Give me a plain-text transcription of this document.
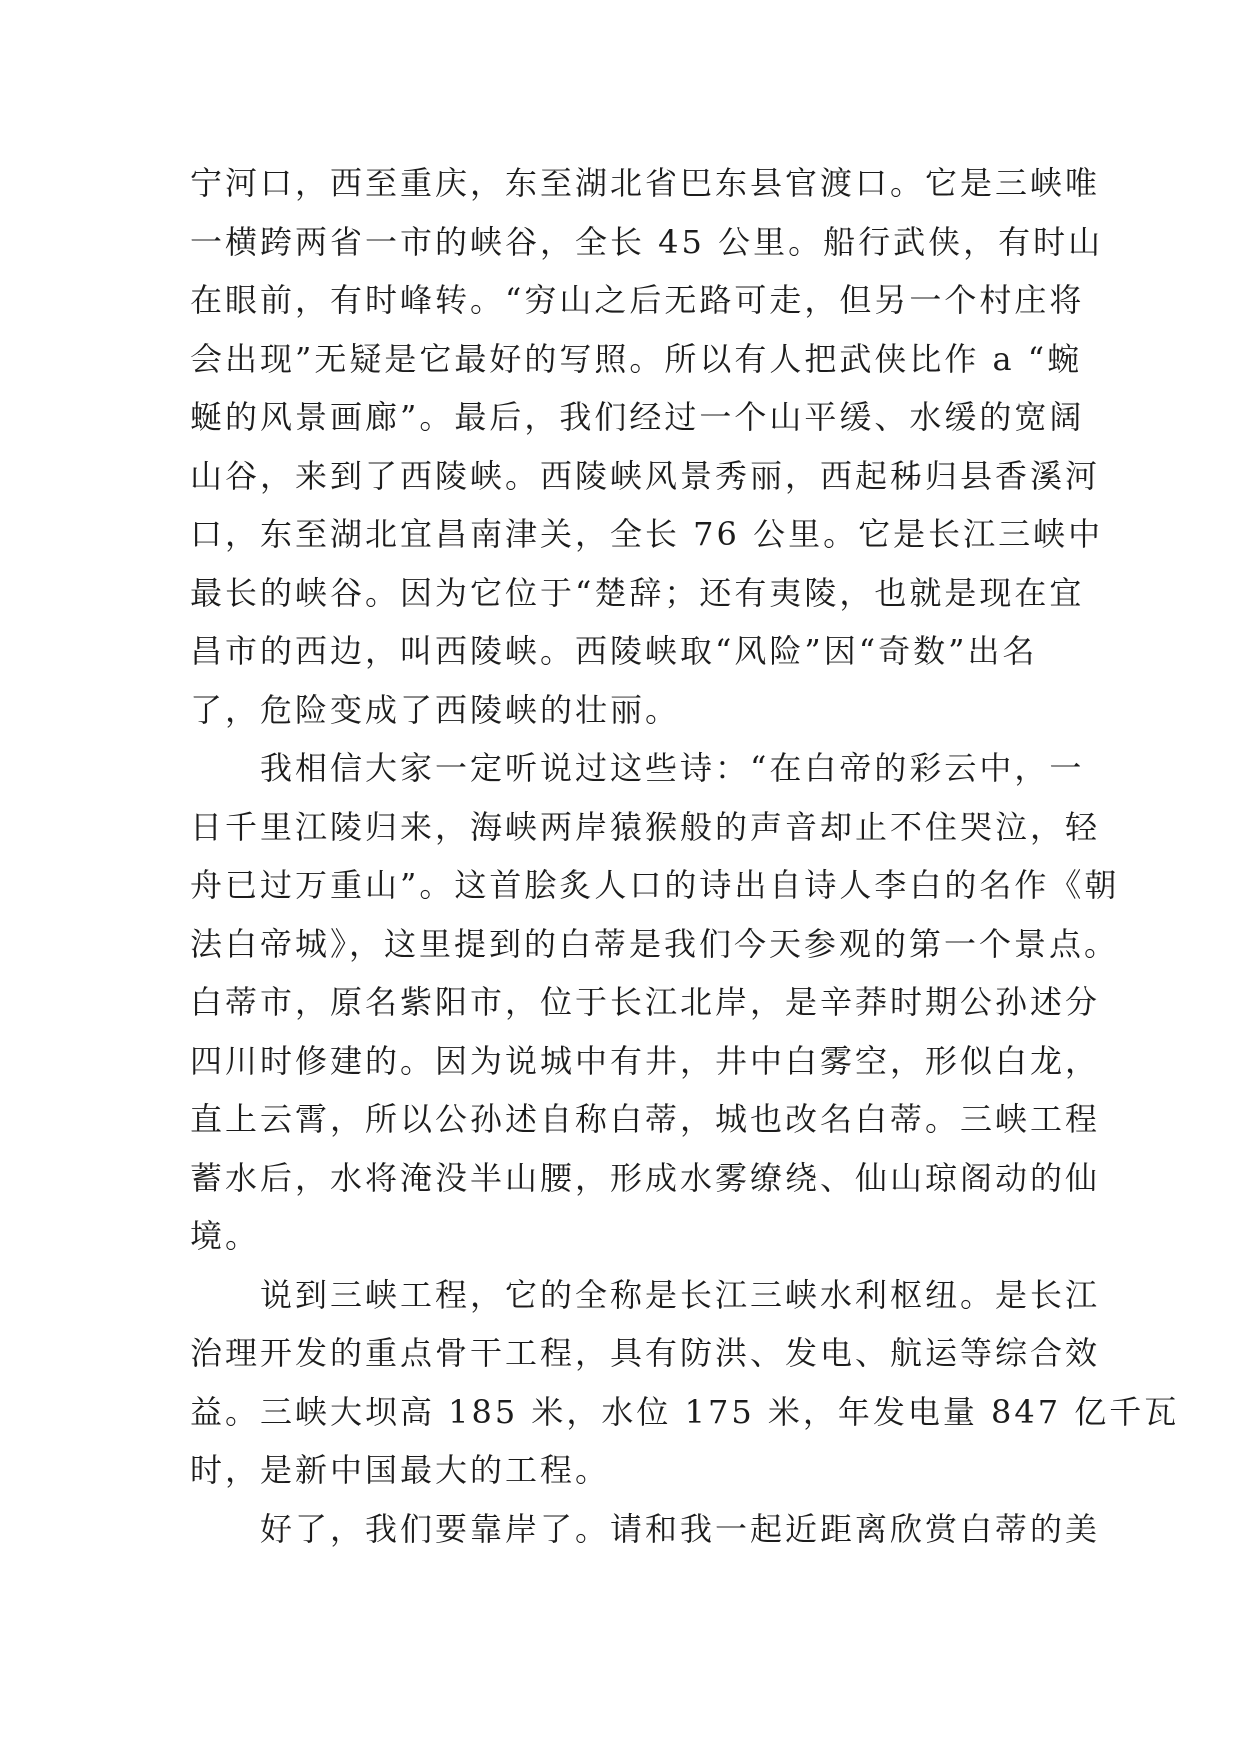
宁河口，西至重庆，东至湖北省巴东县官渡口。它是三峡唯
一横跨两省一市的峡谷，全长 45 公里。船行武侠，有时山
在眼前，有时峰转。“穷山之后无路可走，但另一个村庄将
会出现”无疑是它最好的写照。所以有人把武侠比作 a “蜿
蜒的风景画廊”。最后，我们经过一个山平缓、水缓的宽阔
山谷，来到了西陵峡。西陵峡风景秀丽，西起秭归县香溪河
口，东至湖北宜昌南津关，全长 76 公里。它是长江三峡中
最长的峡谷。因为它位于“楚辞；还有夷陵，也就是现在宜
昌市的西边，叫西陵峡。西陵峡取“风险”因“奇数”出名
了，危险变成了西陵峡的壮丽。
我相信大家一定听说过这些诗：“在白帝的彩云中，一
日千里江陵归来，海峡两岸猿猴般的声音却止不住哭泣，轻
舟已过万重山”。这首脍炙人口的诗出自诗人李白的名作《朝
法白帝城》，这里提到的白蒂是我们今天参观的第一个景点。
白蒂市，原名紫阳市，位于长江北岸，是辛莽时期公孙述分
四川时修建的。因为说城中有井，井中白雾空，形似白龙，
直上云霄，所以公孙述自称白蒂，城也改名白蒂。三峡工程
蓄水后，水将淹没半山腰，形成水雾缭绕、仙山琼阁动的仙
境。
说到三峡工程，它的全称是长江三峡水利枢纽。是长江
治理开发的重点骨干工程，具有防洪、发电、航运等综合效
益。三峡大坝高 185 米，水位 175 米，年发电量 847 亿千瓦
时，是新中国最大的工程。
好了，我们要靠岸了。请和我一起近距离欣赏白蒂的美
